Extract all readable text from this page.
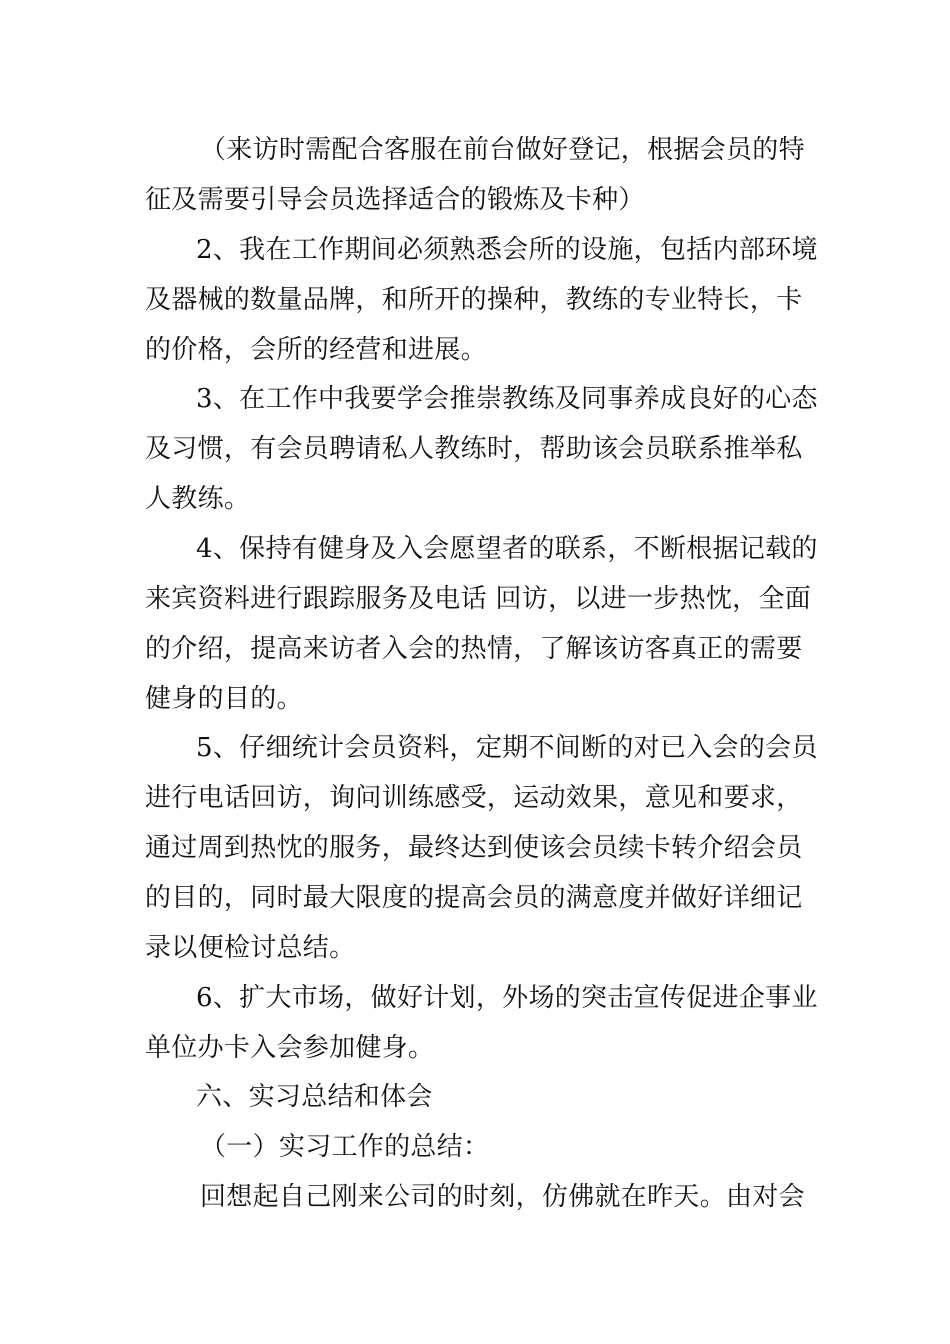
（来访时需配合客服在前台做好登记，根据会员的特
征及需要引导会员选择适合的锻炼及卡种）
2、我在工作期间必须熟悉会所的设施，包括内部环境
及器械的数量品牌，和所开的操种，教练的专业特长，卡
的价格，会所的经营和进展。
3、在工作中我要学会推崇教练及同事养成良好的心态
及习惯，有会员聘请私人教练时，帮助该会员联系推举私
人教练。
4、保持有健身及入会愿望者的联系，不断根据记载的
来宾资料进行跟踪服务及电话 回访，以进一步热忱，全面
的介绍，提高来访者入会的热情，了解该访客真正的需要
健身的目的。
5、仔细统计会员资料，定期不间断的对已入会的会员
进行电话回访，询问训练感受，运动效果，意见和要求，
通过周到热忱的服务，最终达到使该会员续卡转介绍会员
的目的，同时最大限度的提高会员的满意度并做好详细记
录以便检讨总结。
6、扩大市场，做好计划，外场的突击宣传促进企事业
单位办卡入会参加健身。
六、实习总结和体会
（一）实习工作的总结：
回想起自己刚来公司的时刻，仿佛就在昨天。由对会
